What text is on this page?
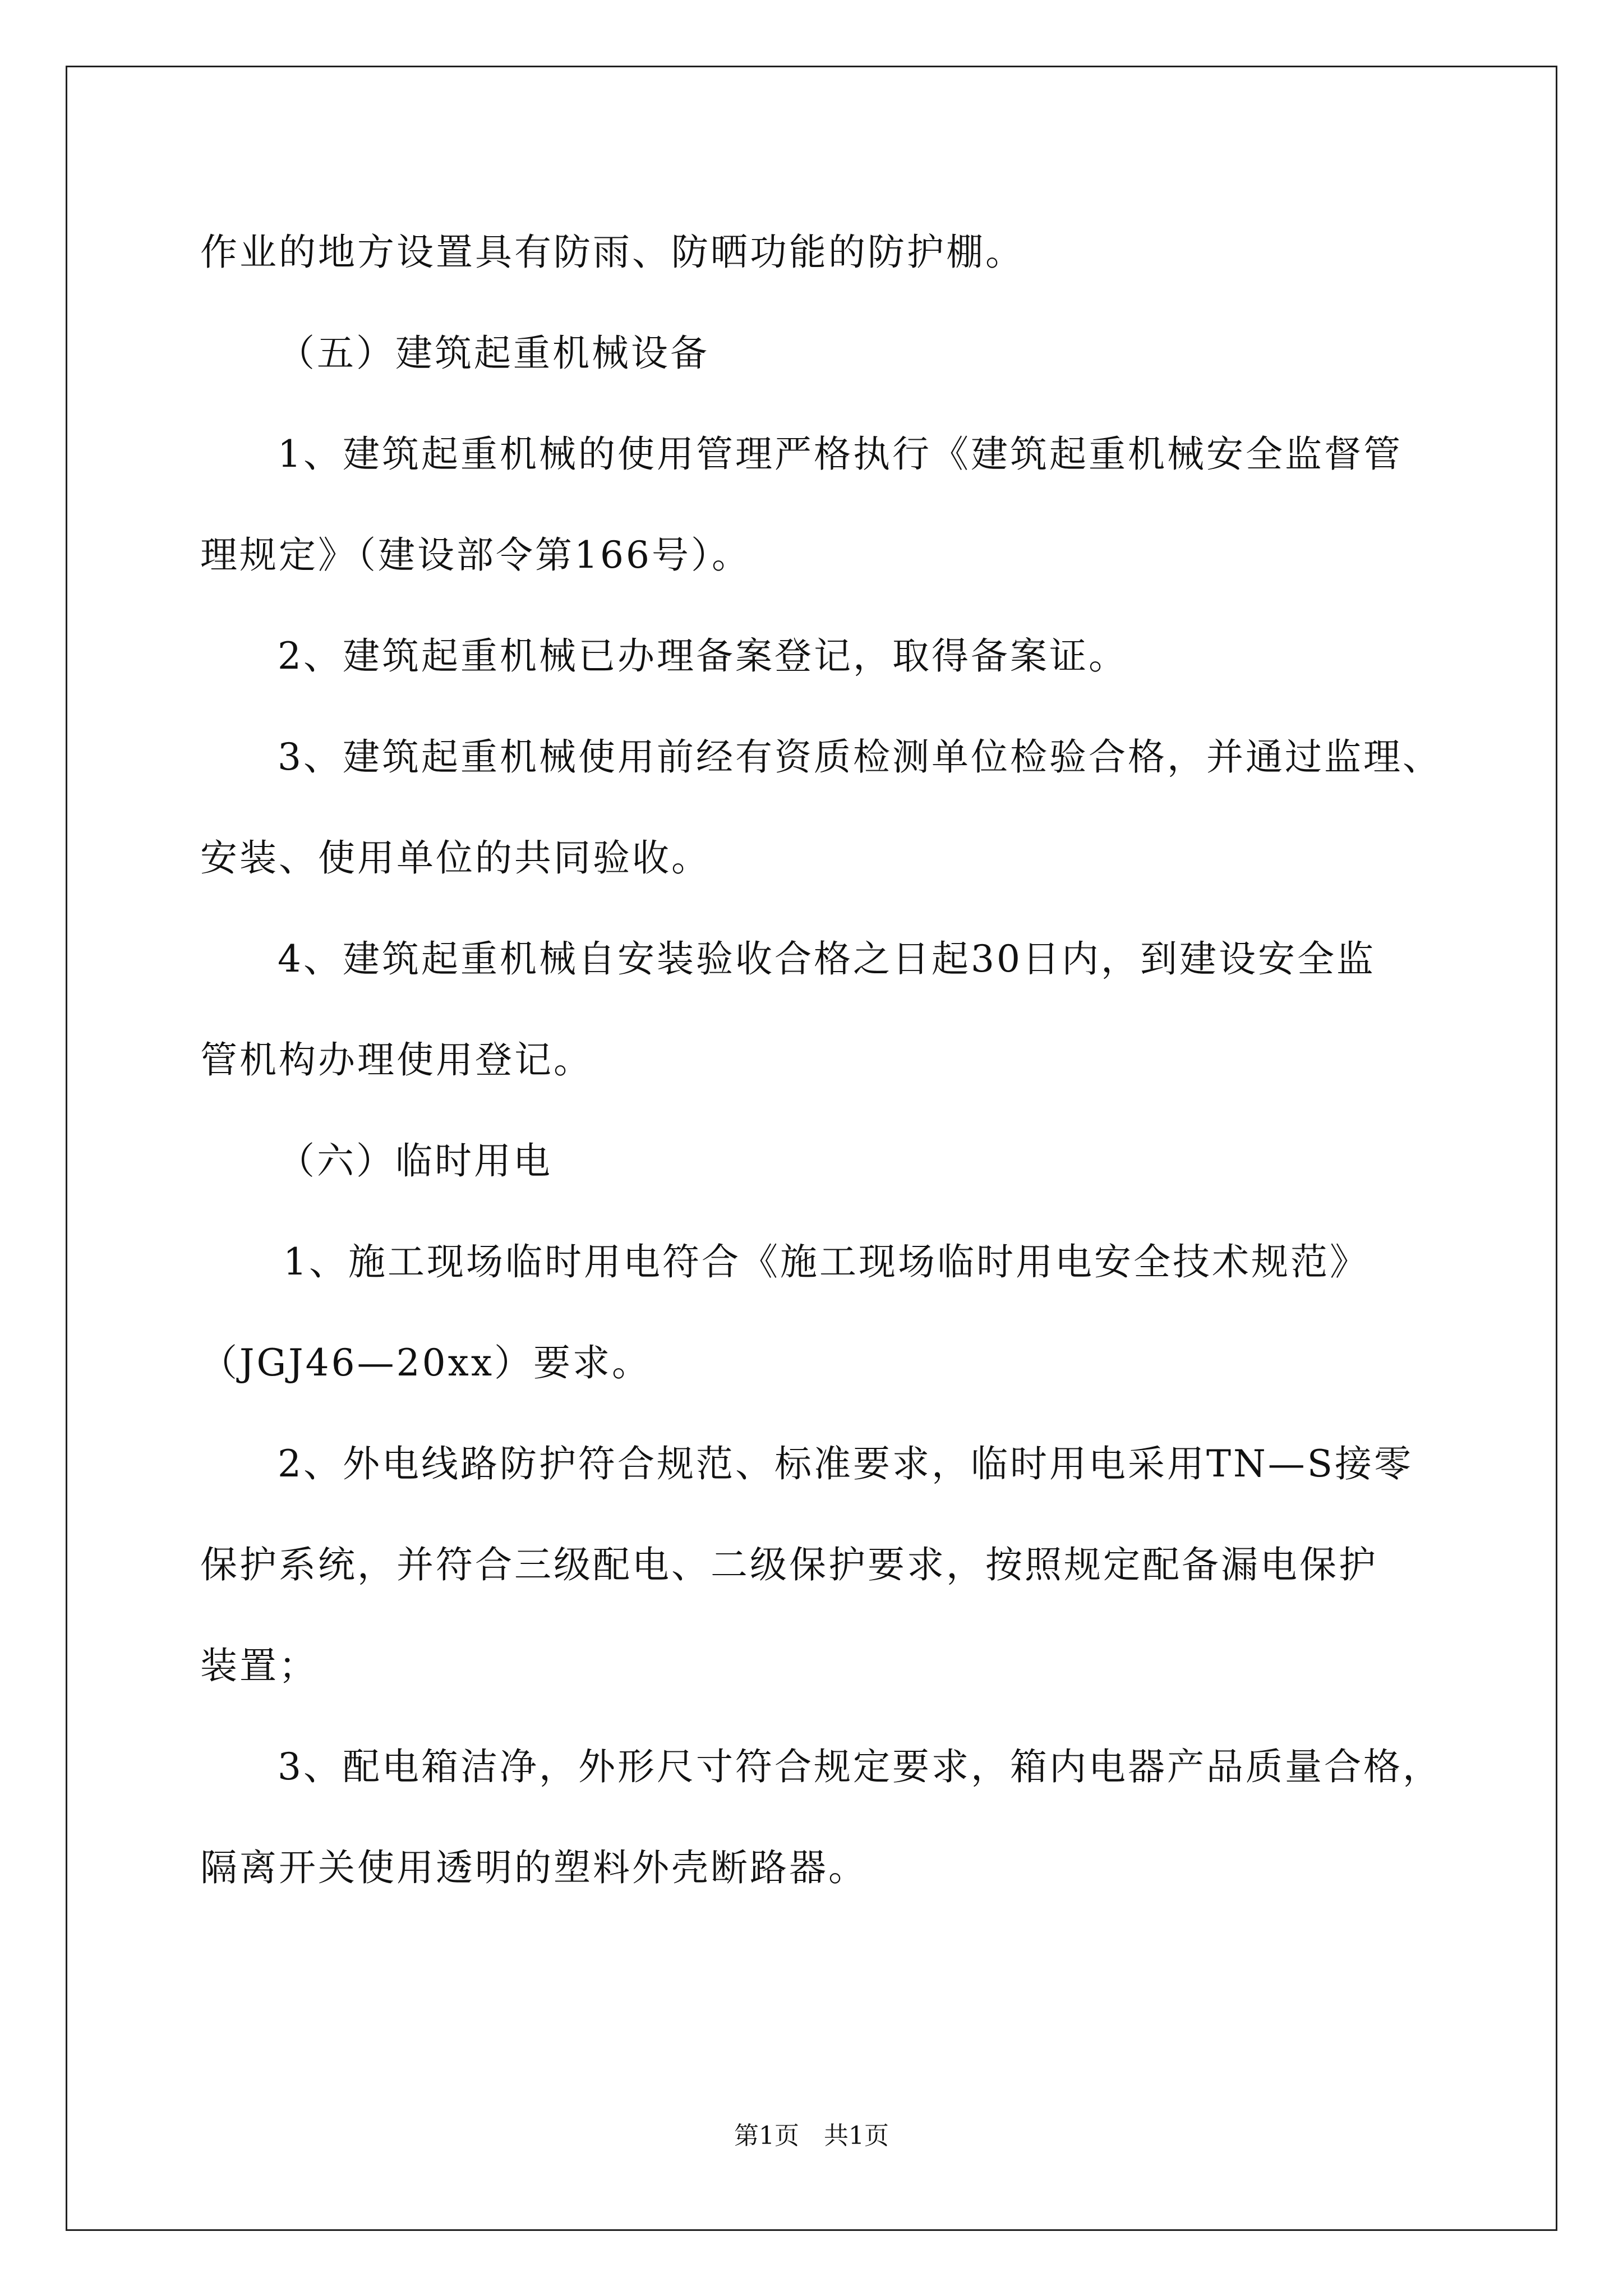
作业的地方设置具有防雨、防晒功能的防护棚。
（五）建筑起重机械设备
1、建筑起重机械的使用管理严格执行《建筑起重机械安全监督管
理规定》（建设部令第166号）。
2、建筑起重机械已办理备案登记，取得备案证。
3、建筑起重机械使用前经有资质检测单位检验合格，并通过监理、
安装、使用单位的共同验收。
4、建筑起重机械自安装验收合格之日起30日内，到建设安全监
管机构办理使用登记。
（六）临时用电
1、施工现场临时用电符合《施工现场临时用电安全技术规范》
（JGJ46—20xx）要求。
2、外电线路防护符合规范、标准要求，临时用电采用TN—S接零
保护系统，并符合三级配电、二级保护要求，按照规定配备漏电保护
装置；
3、配电箱洁净，外形尺寸符合规定要求，箱内电器产品质量合格，
隔离开关使用透明的塑料外壳断路器。
第1页　共1页
